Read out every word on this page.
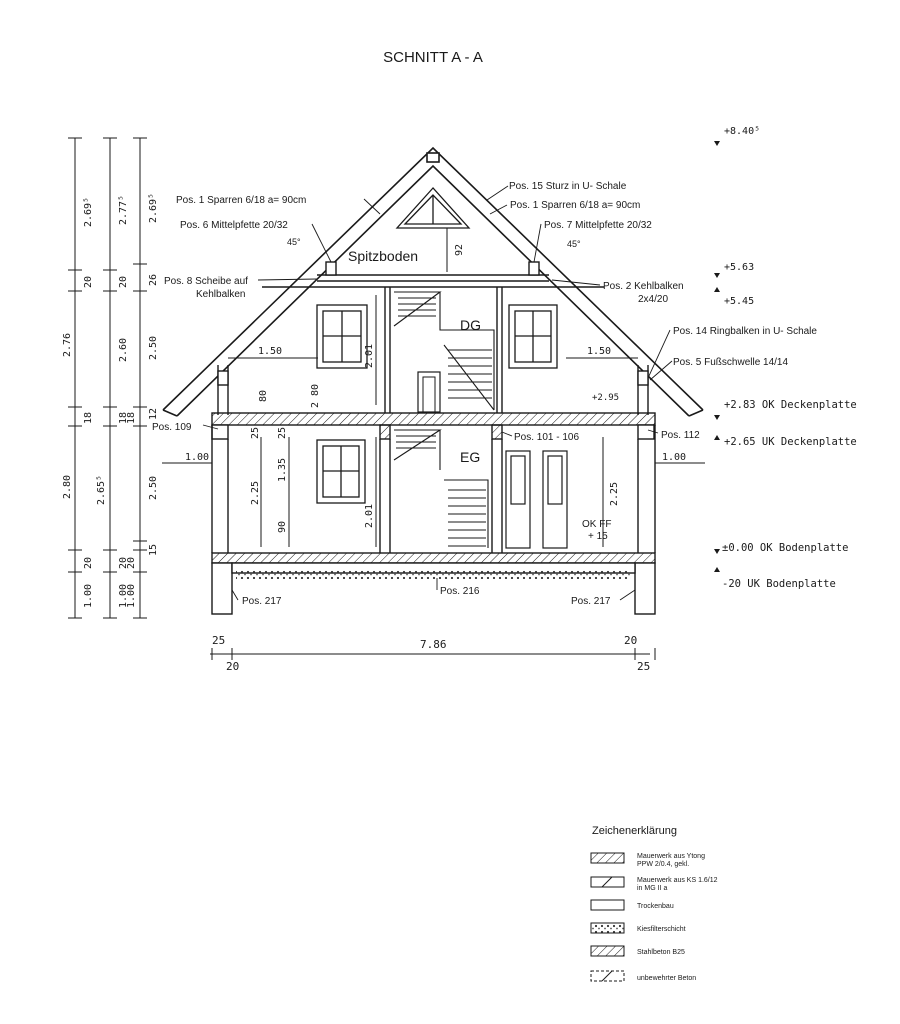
SCHNITT A - A
Spitzboden
DG
EG
Pos. 1 Sparren 6/18 a= 90cm
Pos. 6 Mittelpfette 20/32
45°
Pos. 8 Scheibe auf
Kehlbalken
Pos. 15 Sturz in U- Schale
Pos. 1 Sparren 6/18 a= 90cm
Pos. 7 Mittelpfette 20/32
45°
Pos. 2 Kehlbalken
2x4/20
Pos. 14 Ringbalken in U- Schale
Pos. 5 Fußschwelle 14/14
Pos. 109
Pos. 101 - 106	Pos. 112
OK FF
+ 15
Pos. 217
Pos. 216
Pos. 217
+8.40⁵
+5.63
+5.45
+2.83 OK Deckenplatte
+2.65 UK Deckenplatte
±0.00 OK Bodenplatte
-20 UK Bodenplatte
+2.95
2.69⁵
20
2.76
18
2.80
20
1.00
2.77⁵
20
2.60
18
2.65⁵
20
1.00
2.69⁵
26
2.50
18 12
2.50
15
20
1.00
92
1.50	1.50
2.01
2 80
80
25 25
2.25
1.35
90	2.01
2.25
1.00	1.00
25	7.86	20
20	25
Zeichenerklärung
Mauerwerk aus Ytong
PPW 2/0.4, gekl.
Mauerwerk aus KS 1.6/12
in MG II a
Trockenbau
Kiesfilterschicht
Stahlbeton B25
unbewehrter Beton
